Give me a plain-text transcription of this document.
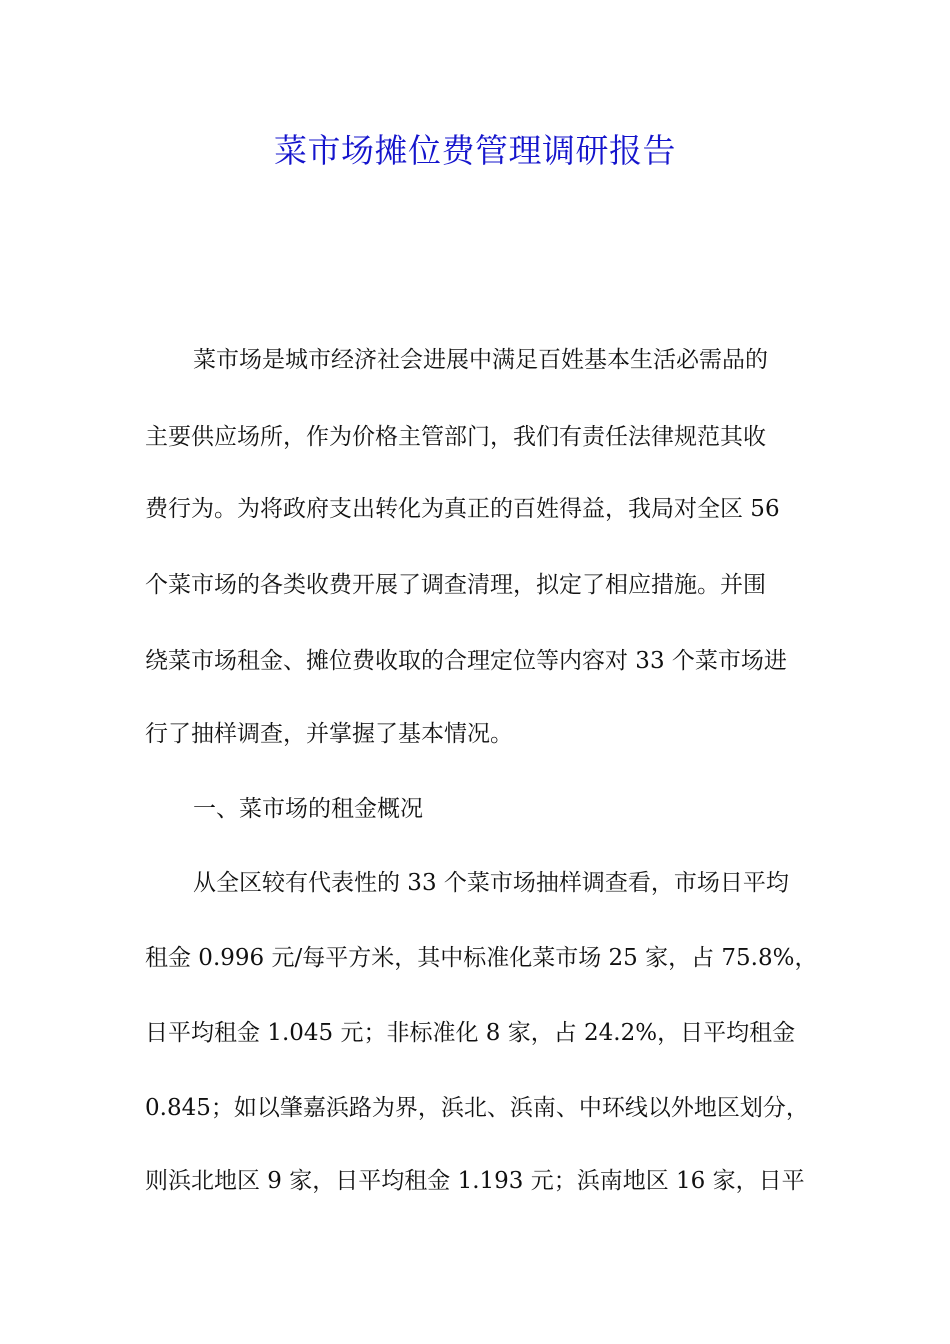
菜市场摊位费管理调研报告

菜市场是城市经济社会进展中满足百姓基本生活必需品的

主要供应场所，作为价格主管部门，我们有责任法律规范其收

费行为。为将政府支出转化为真正的百姓得益，我局对全区 56

个菜市场的各类收费开展了调查清理，拟定了相应措施。并围

绕菜市场租金、摊位费收取的合理定位等内容对 33 个菜市场进

行了抽样调查，并掌握了基本情况。

一、菜市场的租金概况

从全区较有代表性的 33 个菜市场抽样调查看，市场日平均

租金 0.996 元/每平方米，其中标准化菜市场 25 家，占 75.8%，

日平均租金 1.045 元；非标准化 8 家，占 24.2%，日平均租金

0.845；如以肇嘉浜路为界，浜北、浜南、中环线以外地区划分，

则浜北地区 9 家，日平均租金 1.193 元；浜南地区 16 家，日平
